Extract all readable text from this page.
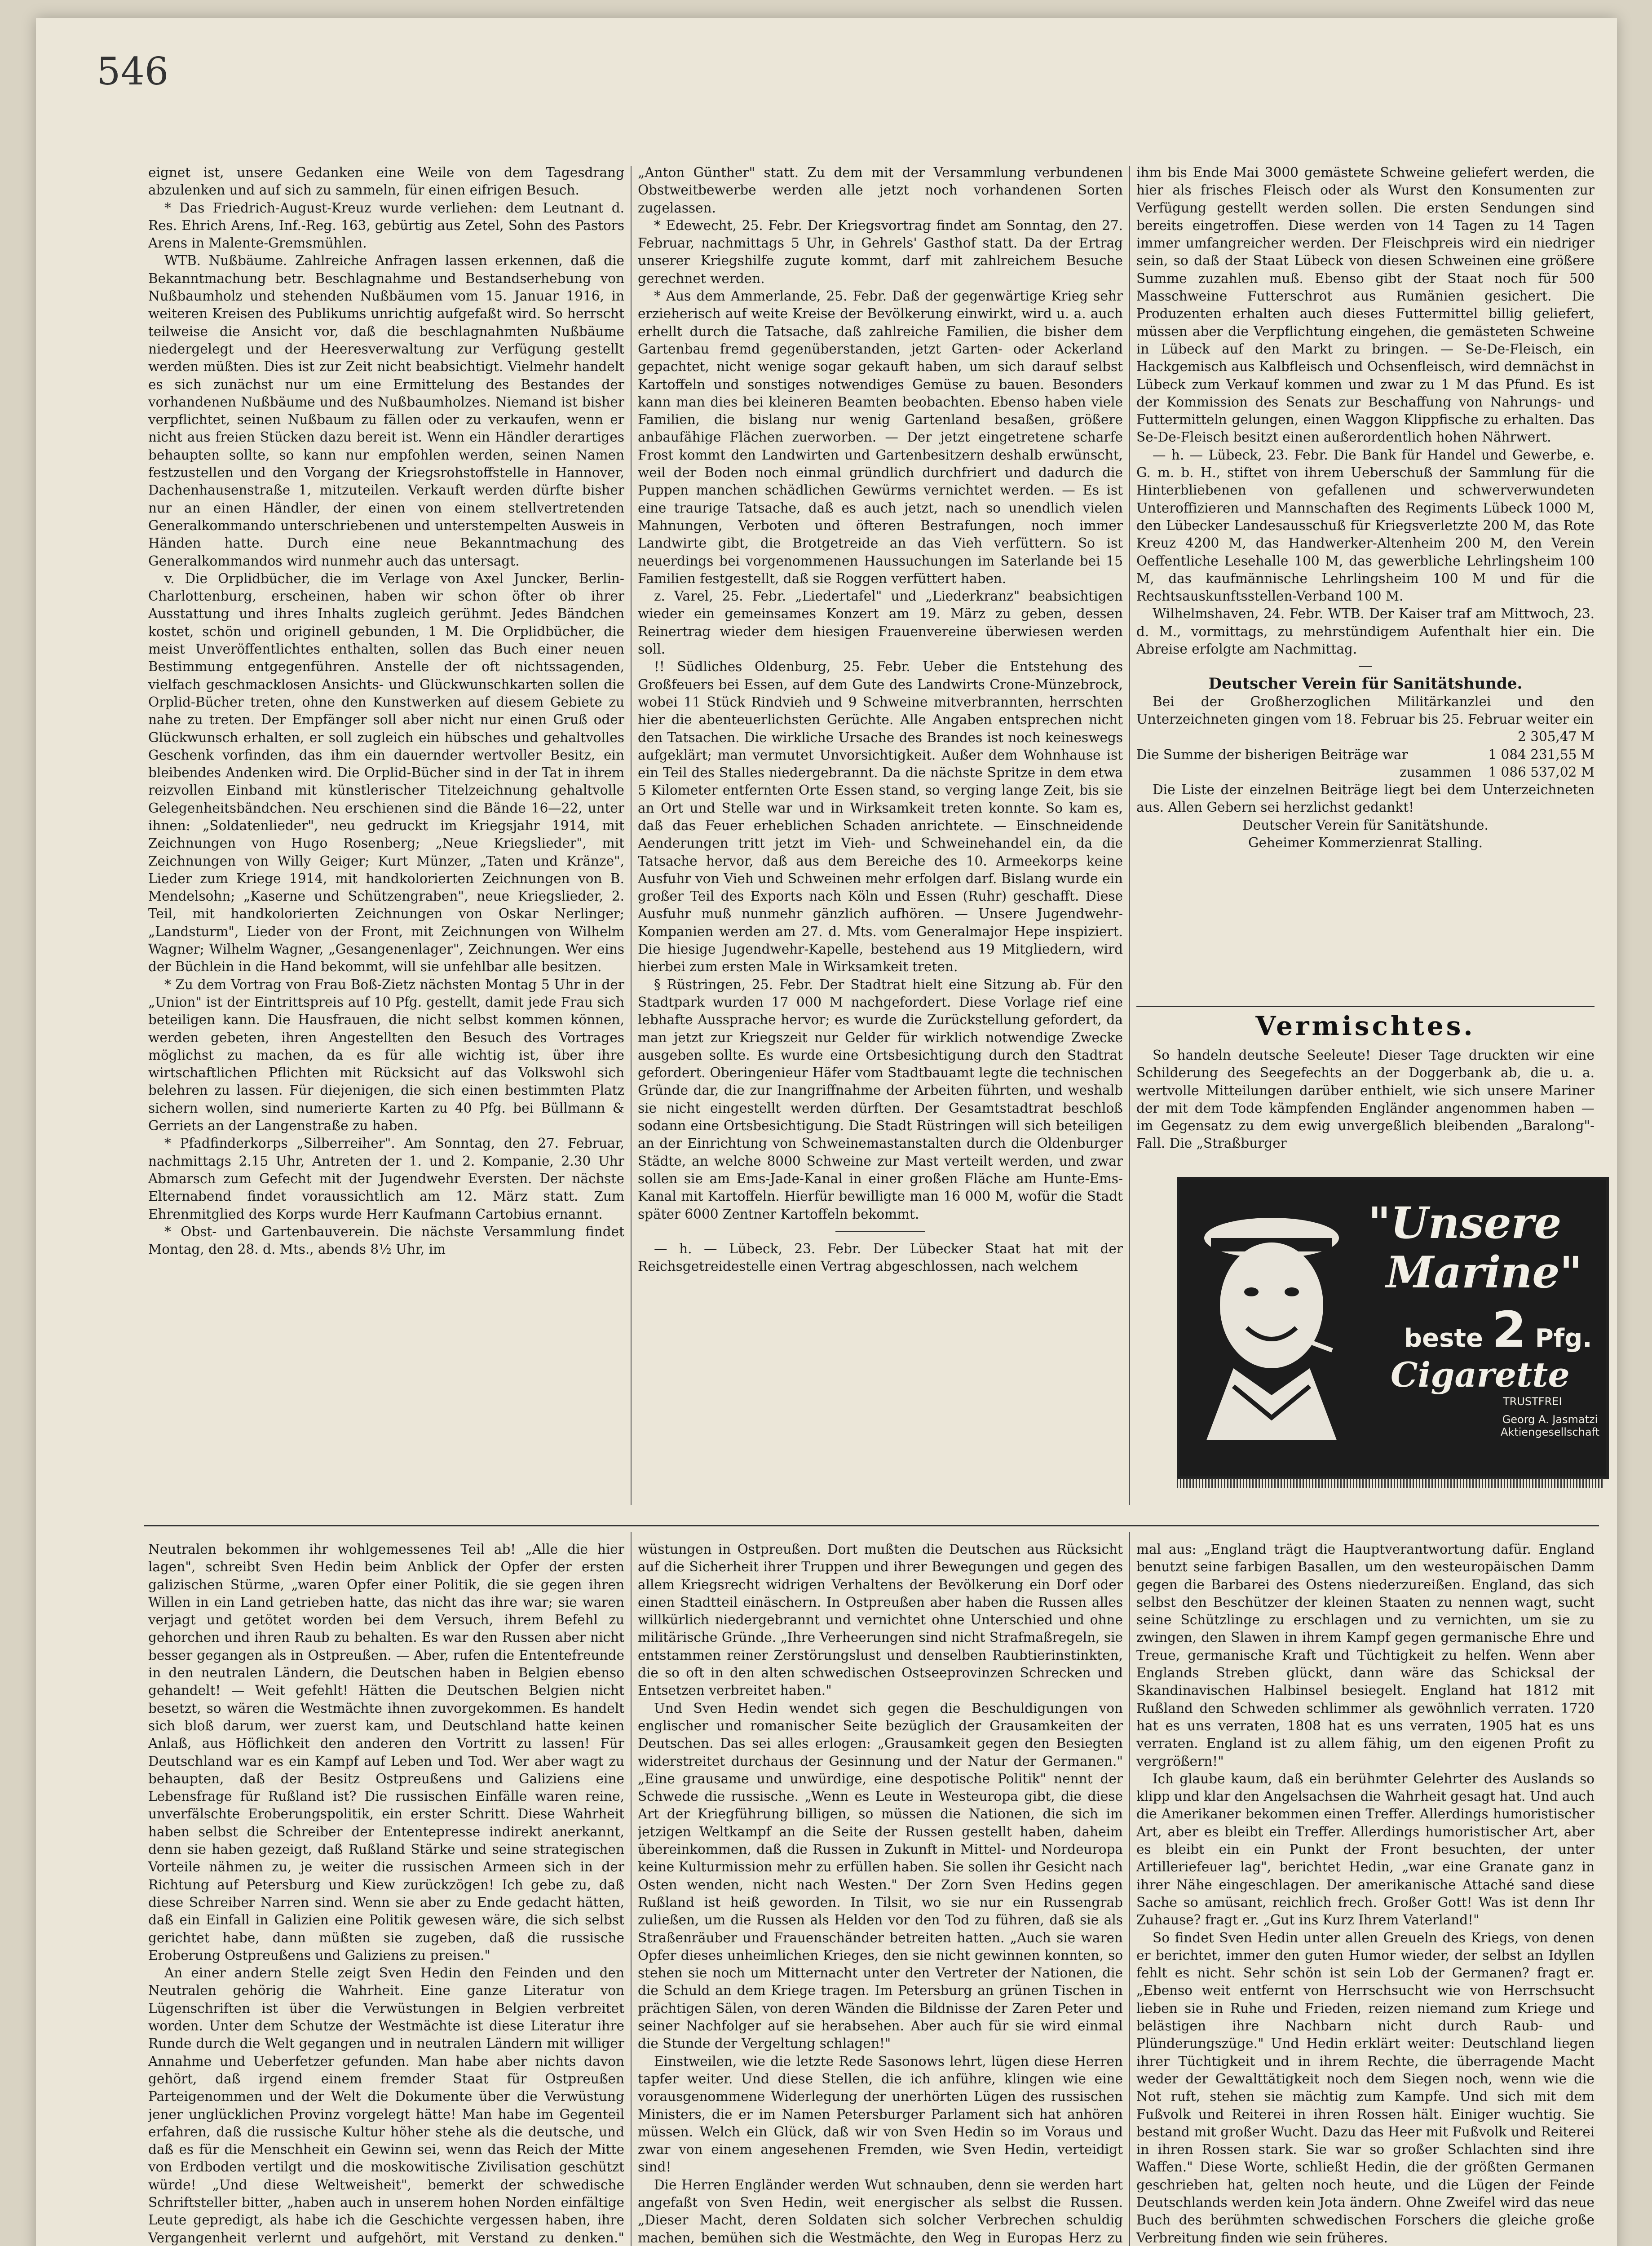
546

eignet ist, unsere Gedanken eine Weile von dem Tagesdrang abzulenken und auf sich zu sammeln, für einen eifrigen Besuch.

* Das Friedrich-August-Kreuz wurde verliehen: dem Leutnant d. Res. Ehrich Arens, Inf.-Reg. 163, gebürtig aus Zetel, Sohn des Pastors Arens in Malente-Gremsmühlen.

WTB. Nußbäume. Zahlreiche Anfragen lassen erkennen, daß die Bekanntmachung betr. Beschlagnahme und Bestandserhebung von Nußbaumholz und stehenden Nußbäumen vom 15. Januar 1916, in weiteren Kreisen des Publikums unrichtig aufgefaßt wird. So herrscht teilweise die Ansicht vor, daß die beschlagnahmten Nußbäume niedergelegt und der Heeresverwaltung zur Verfügung gestellt werden müßten. Dies ist zur Zeit nicht beabsichtigt. Vielmehr handelt es sich zunächst nur um eine Ermittelung des Bestandes der vorhandenen Nußbäume und des Nußbaumholzes. Niemand ist bisher verpflichtet, seinen Nußbaum zu fällen oder zu verkaufen, wenn er nicht aus freien Stücken dazu bereit ist. Wenn ein Händler derartiges behaupten sollte, so kann nur empfohlen werden, seinen Namen festzustellen und den Vorgang der Kriegsrohstoffstelle in Hannover, Dachenhausenstraße 1, mitzuteilen. Verkauft werden dürfte bisher nur an einen Händler, der einen von einem stellvertretenden Generalkommando unterschriebenen und unterstempelten Ausweis in Händen hatte. Durch eine neue Bekanntmachung des Generalkommandos wird nunmehr auch das untersagt.

v. Die Orplidbücher, die im Verlage von Axel Juncker, Berlin-Charlottenburg, erscheinen, haben wir schon öfter ob ihrer Ausstattung und ihres Inhalts zugleich gerühmt. Jedes Bändchen kostet, schön und originell gebunden, 1 M. Die Orplidbücher, die meist Unveröffentlichtes enthalten, sollen das Buch einer neuen Bestimmung entgegenführen. Anstelle der oft nichtssagenden, vielfach geschmacklosen Ansichts- und Glückwunschkarten sollen die Orplid-Bücher treten, ohne den Kunstwerken auf diesem Gebiete zu nahe zu treten. Der Empfänger soll aber nicht nur einen Gruß oder Glückwunsch erhalten, er soll zugleich ein hübsches und gehaltvolles Geschenk vorfinden, das ihm ein dauernder wertvoller Besitz, ein bleibendes Andenken wird. Die Orplid-Bücher sind in der Tat in ihrem reizvollen Einband mit künstlerischer Titelzeichnung gehaltvolle Gelegenheitsbändchen. Neu erschienen sind die Bände 16—22, unter ihnen: „Soldatenlieder", neu gedruckt im Kriegsjahr 1914, mit Zeichnungen von Hugo Rosenberg; „Neue Kriegslieder", mit Zeichnungen von Willy Geiger; Kurt Münzer, „Taten und Kränze", Lieder zum Kriege 1914, mit handkolorierten Zeichnungen von B. Mendelsohn; „Kaserne und Schützengraben", neue Kriegslieder, 2. Teil, mit handkolorierten Zeichnungen von Oskar Nerlinger; „Landsturm", Lieder von der Front, mit Zeichnungen von Wilhelm Wagner; Wilhelm Wagner, „Gesangenenlager", Zeichnungen. Wer eins der Büchlein in die Hand bekommt, will sie unfehlbar alle besitzen.

* Zu dem Vortrag von Frau Boß-Zietz nächsten Montag 5 Uhr in der „Union" ist der Eintrittspreis auf 10 Pfg. gestellt, damit jede Frau sich beteiligen kann. Die Hausfrauen, die nicht selbst kommen können, werden gebeten, ihren Angestellten den Besuch des Vortrages möglichst zu machen, da es für alle wichtig ist, über ihre wirtschaftlichen Pflichten mit Rücksicht auf das Volkswohl sich belehren zu lassen. Für diejenigen, die sich einen bestimmten Platz sichern wollen, sind numerierte Karten zu 40 Pfg. bei Büllmann & Gerriets an der Langenstraße zu haben.

* Pfadfinderkorps „Silberreiher". Am Sonntag, den 27. Februar, nachmittags 2.15 Uhr, Antreten der 1. und 2. Kompanie, 2.30 Uhr Abmarsch zum Gefecht mit der Jugendwehr Eversten. Der nächste Elternabend findet voraussichtlich am 12. März statt. Zum Ehrenmitglied des Korps wurde Herr Kaufmann Cartobius ernannt.

* Obst- und Gartenbauverein. Die nächste Versammlung findet Montag, den 28. d. Mts., abends 8½ Uhr, im

„Anton Günther" statt. Zu dem mit der Versammlung verbundenen Obstweitbewerbe werden alle jetzt noch vorhandenen Sorten zugelassen.

* Edewecht, 25. Febr. Der Kriegsvortrag findet am Sonntag, den 27. Februar, nachmittags 5 Uhr, in Gehrels' Gasthof statt. Da der Ertrag unserer Kriegshilfe zugute kommt, darf mit zahlreichem Besuche gerechnet werden.

* Aus dem Ammerlande, 25. Febr. Daß der gegenwärtige Krieg sehr erzieherisch auf weite Kreise der Bevölkerung einwirkt, wird u. a. auch erhellt durch die Tatsache, daß zahlreiche Familien, die bisher dem Gartenbau fremd gegenüberstanden, jetzt Garten- oder Ackerland gepachtet, nicht wenige sogar gekauft haben, um sich darauf selbst Kartoffeln und sonstiges notwendiges Gemüse zu bauen. Besonders kann man dies bei kleineren Beamten beobachten. Ebenso haben viele Familien, die bislang nur wenig Gartenland besaßen, größere anbaufähige Flächen zuerworben. — Der jetzt eingetretene scharfe Frost kommt den Landwirten und Gartenbesitzern deshalb erwünscht, weil der Boden noch einmal gründlich durchfriert und dadurch die Puppen manchen schädlichen Gewürms vernichtet werden. — Es ist eine traurige Tatsache, daß es auch jetzt, nach so unendlich vielen Mahnungen, Verboten und öfteren Bestrafungen, noch immer Landwirte gibt, die Brotgetreide an das Vieh verfüttern. So ist neuerdings bei vorgenommenen Haussuchungen im Saterlande bei 15 Familien festgestellt, daß sie Roggen verfüttert haben.

z. Varel, 25. Febr. „Liedertafel" und „Liederkranz" beabsichtigen wieder ein gemeinsames Konzert am 19. März zu geben, dessen Reinertrag wieder dem hiesigen Frauenvereine überwiesen werden soll.

!! Südliches Oldenburg, 25. Febr. Ueber die Entstehung des Großfeuers bei Essen, auf dem Gute des Landwirts Crone-Münzebrock, wobei 11 Stück Rindvieh und 9 Schweine mitverbrannten, herrschten hier die abenteuerlichsten Gerüchte. Alle Angaben entsprechen nicht den Tatsachen. Die wirkliche Ursache des Brandes ist noch keineswegs aufgeklärt; man vermutet Unvorsichtigkeit. Außer dem Wohnhause ist ein Teil des Stalles niedergebrannt. Da die nächste Spritze in dem etwa 5 Kilometer entfernten Orte Essen stand, so verging lange Zeit, bis sie an Ort und Stelle war und in Wirksamkeit treten konnte. So kam es, daß das Feuer erheblichen Schaden anrichtete. — Einschneidende Aenderungen tritt jetzt im Vieh- und Schweinehandel ein, da die Tatsache hervor, daß aus dem Bereiche des 10. Armeekorps keine Ausfuhr von Vieh und Schweinen mehr erfolgen darf. Bislang wurde ein großer Teil des Exports nach Köln und Essen (Ruhr) geschafft. Diese Ausfuhr muß nunmehr gänzlich aufhören. — Unsere Jugendwehr-Kompanien werden am 27. d. Mts. vom Generalmajor Hepe inspiziert. Die hiesige Jugendwehr-Kapelle, bestehend aus 19 Mitgliedern, wird hierbei zum ersten Male in Wirksamkeit treten.

§ Rüstringen, 25. Febr. Der Stadtrat hielt eine Sitzung ab. Für den Stadtpark wurden 17 000 M nachgefordert. Diese Vorlage rief eine lebhafte Aussprache hervor; es wurde die Zurückstellung gefordert, da man jetzt zur Kriegszeit nur Gelder für wirklich notwendige Zwecke ausgeben sollte. Es wurde eine Ortsbesichtigung durch den Stadtrat gefordert. Oberingenieur Häfer vom Stadtbauamt legte die technischen Gründe dar, die zur Inangriffnahme der Arbeiten führten, und weshalb sie nicht eingestellt werden dürften. Der Gesamtstadtrat beschloß sodann eine Ortsbesichtigung. Die Stadt Rüstringen will sich beteiligen an der Einrichtung von Schweinemastanstalten durch die Oldenburger Städte, an welche 8000 Schweine zur Mast verteilt werden, und zwar sollen sie am Ems-Jade-Kanal in einer großen Fläche am Hunte-Ems-Kanal mit Kartoffeln. Hierfür bewilligte man 16 000 M, wofür die Stadt später 6000 Zentner Kartoffeln bekommt.

— h. — Lübeck, 23. Febr. Der Lübecker Staat hat mit der Reichsgetreidestelle einen Vertrag abgeschlossen, nach welchem

ihm bis Ende Mai 3000 gemästete Schweine geliefert werden, die hier als frisches Fleisch oder als Wurst den Konsumenten zur Verfügung gestellt werden sollen. Die ersten Sendungen sind bereits eingetroffen. Diese werden von 14 Tagen zu 14 Tagen immer umfangreicher werden. Der Fleischpreis wird ein niedriger sein, so daß der Staat Lübeck von diesen Schweinen eine größere Summe zuzahlen muß. Ebenso gibt der Staat noch für 500 Masschweine Futterschrot aus Rumänien gesichert. Die Produzenten erhalten auch dieses Futtermittel billig geliefert, müssen aber die Verpflichtung eingehen, die gemästeten Schweine in Lübeck auf den Markt zu bringen. — Se-De-Fleisch, ein Hackgemisch aus Kalbfleisch und Ochsenfleisch, wird demnächst in Lübeck zum Verkauf kommen und zwar zu 1 M das Pfund. Es ist der Kommission des Senats zur Beschaffung von Nahrungs- und Futtermitteln gelungen, einen Waggon Klippfische zu erhalten. Das Se-De-Fleisch besitzt einen außerordentlich hohen Nährwert.

— h. — Lübeck, 23. Febr. Die Bank für Handel und Gewerbe, e. G. m. b. H., stiftet von ihrem Ueberschuß der Sammlung für die Hinterbliebenen von gefallenen und schwerverwundeten Unteroffizieren und Mannschaften des Regiments Lübeck 1000 M, den Lübecker Landesausschuß für Kriegsverletzte 200 M, das Rote Kreuz 4200 M, das Handwerker-Altenheim 200 M, den Verein Oeffentliche Lesehalle 100 M, das gewerbliche Lehrlingsheim 100 M, das kaufmännische Lehrlingsheim 100 M und für die Rechtsauskunftsstellen-Verband 100 M.

Wilhelmshaven, 24. Febr. WTB. Der Kaiser traf am Mittwoch, 23. d. M., vormittags, zu mehrstündigem Aufenthalt hier ein. Die Abreise erfolgte am Nachmittag.

Deutscher Verein für Sanitätshunde.

Bei der Großherzoglichen Militärkanzlei und den Unterzeichneten gingen vom 18. Februar bis 25. Februar weiter ein

2 305,47 M
Die Summe der bisherigen Beiträge war	1 084 231,55 M
zusammen 1 086 537,02 M

Die Liste der einzelnen Beiträge liegt bei dem Unterzeichneten aus. Allen Gebern sei herzlichst gedankt!

Deutscher Verein für Sanitätshunde.

Geheimer Kommerzienrat Stalling.

Vermischtes.

So handeln deutsche Seeleute! Dieser Tage druckten wir eine Schilderung des Seegefechts an der Doggerbank ab, die u. a. wertvolle Mitteilungen darüber enthielt, wie sich unsere Mariner der mit dem Tode kämpfenden Engländer angenommen haben — im Gegensatz zu dem ewig unvergeßlich bleibenden „Baralong"-Fall. Die „Straßburger

"Unsere
Marine"
beste 2 Pfg.
Cigarette
TRUSTFREI
Georg A. Jasmatzi Aktiengesellschaft

Neutralen bekommen ihr wohlgemessenes Teil ab! „Alle die hier lagen", schreibt Sven Hedin beim Anblick der Opfer der ersten galizischen Stürme, „waren Opfer einer Politik, die sie gegen ihren Willen in ein Land getrieben hatte, das nicht das ihre war; sie waren verjagt und getötet worden bei dem Versuch, ihrem Befehl zu gehorchen und ihren Raub zu behalten. Es war den Russen aber nicht besser gegangen als in Ostpreußen. — Aber, rufen die Ententefreunde in den neutralen Ländern, die Deutschen haben in Belgien ebenso gehandelt! — Weit gefehlt! Hätten die Deutschen Belgien nicht besetzt, so wären die Westmächte ihnen zuvorgekommen. Es handelt sich bloß darum, wer zuerst kam, und Deutschland hatte keinen Anlaß, aus Höflichkeit den anderen den Vortritt zu lassen! Für Deutschland war es ein Kampf auf Leben und Tod. Wer aber wagt zu behaupten, daß der Besitz Ostpreußens und Galiziens eine Lebensfrage für Rußland ist? Die russischen Einfälle waren reine, unverfälschte Eroberungspolitik, ein erster Schritt. Diese Wahrheit haben selbst die Schreiber der Ententepresse indirekt anerkannt, denn sie haben gezeigt, daß Rußland Stärke und seine strategischen Vorteile nähmen zu, je weiter die russischen Armeen sich in der Richtung auf Petersburg und Kiew zurückzögen! Ich gebe zu, daß diese Schreiber Narren sind. Wenn sie aber zu Ende gedacht hätten, daß ein Einfall in Galizien eine Politik gewesen wäre, die sich selbst gerichtet habe, dann müßten sie zugeben, daß die russische Eroberung Ostpreußens und Galiziens zu preisen."

An einer andern Stelle zeigt Sven Hedin den Feinden und den Neutralen gehörig die Wahrheit. Eine ganze Literatur von Lügenschriften ist über die Verwüstungen in Belgien verbreitet worden. Unter dem Schutze der Westmächte ist diese Literatur ihre Runde durch die Welt gegangen und in neutralen Ländern mit williger Annahme und Ueberfetzer gefunden. Man habe aber nichts davon gehört, daß irgend einem fremder Staat für Ostpreußen Parteigenommen und der Welt die Dokumente über die Verwüstung jener unglücklichen Provinz vorgelegt hätte! Man habe im Gegenteil erfahren, daß die russische Kultur höher stehe als die deutsche, und daß es für die Menschheit ein Gewinn sei, wenn das Reich der Mitte von Erdboden vertilgt und die moskowitische Zivilisation geschützt würde! „Und diese Weltweisheit", bemerkt der schwedische Schriftsteller bitter, „haben auch in unserem hohen Norden einfältige Leute gepredigt, als habe ich die Geschichte vergessen haben, ihre Vergangenheit verlernt und aufgehört, mit Verstand zu denken."

wüstungen in Ostpreußen. Dort mußten die Deutschen aus Rücksicht auf die Sicherheit ihrer Truppen und ihrer Bewegungen und gegen des allem Kriegsrecht widrigen Verhaltens der Bevölkerung ein Dorf oder einen Stadtteil einäschern. In Ostpreußen aber haben die Russen alles willkürlich niedergebrannt und vernichtet ohne Unterschied und ohne militärische Gründe. „Ihre Verheerungen sind nicht Strafmaßregeln, sie entstammen reiner Zerstörungslust und denselben Raubtierinstinkten, die so oft in den alten schwedischen Ostseeprovinzen Schrecken und Entsetzen verbreitet haben."

Und Sven Hedin wendet sich gegen die Beschuldigungen von englischer und romanischer Seite bezüglich der Grausamkeiten der Deutschen. Das sei alles erlogen: „Grausamkeit gegen den Besiegten widerstreitet durchaus der Gesinnung und der Natur der Germanen." „Eine grausame und unwürdige, eine despotische Politik" nennt der Schwede die russische. „Wenn es Leute in Westeuropa gibt, die diese Art der Kriegführung billigen, so müssen die Nationen, die sich im jetzigen Weltkampf an die Seite der Russen gestellt haben, daheim übereinkommen, daß die Russen in Zukunft in Mittel- und Nordeuropa keine Kulturmission mehr zu erfüllen haben. Sie sollen ihr Gesicht nach Osten wenden, nicht nach Westen." Der Zorn Sven Hedins gegen Rußland ist heiß geworden. In Tilsit, wo sie nur ein Russengrab zuließen, um die Russen als Helden vor den Tod zu führen, daß sie als Straßenräuber und Frauenschänder betreiten hatten. „Auch sie waren Opfer dieses unheimlichen Krieges, den sie nicht gewinnen konnten, so stehen sie noch um Mitternacht unter den Vertreter der Nationen, die die Schuld an dem Kriege tragen. Im Petersburg an grünen Tischen in prächtigen Sälen, von deren Wänden die Bildnisse der Zaren Peter und seiner Nachfolger auf sie herabsehen. Aber auch für sie wird einmal die Stunde der Vergeltung schlagen!"

Einstweilen, wie die letzte Rede Sasonows lehrt, lügen diese Herren tapfer weiter. Und diese Stellen, die ich anführe, klingen wie eine vorausgenommene Widerlegung der unerhörten Lügen des russischen Ministers, die er im Namen Petersburger Parlament sich hat anhören müssen. Welch ein Glück, daß wir von Sven Hedin so im Voraus und zwar von einem angesehenen Fremden, wie Sven Hedin, verteidigt sind!

Die Herren Engländer werden Wut schnauben, denn sie werden hart angefaßt von Sven Hedin, weit energischer als selbst die Russen. „Dieser Macht, deren Soldaten sich solcher Verbrechen schuldig machen, bemühen sich die Westmächte, den Weg in Europas Herz zu

mal aus: „England trägt die Hauptverantwortung dafür. England benutzt seine farbigen Basallen, um den westeuropäischen Damm gegen die Barbarei des Ostens niederzureißen. England, das sich selbst den Beschützer der kleinen Staaten zu nennen wagt, sucht seine Schützlinge zu erschlagen und zu vernichten, um sie zu zwingen, den Slawen in ihrem Kampf gegen germanische Ehre und Treue, germanische Kraft und Tüchtigkeit zu helfen. Wenn aber Englands Streben glückt, dann wäre das Schicksal der Skandinavischen Halbinsel besiegelt. England hat 1812 mit Rußland den Schweden schlimmer als gewöhnlich verraten. 1720 hat es uns verraten, 1808 hat es uns verraten, 1905 hat es uns verraten. England ist zu allem fähig, um den eigenen Profit zu vergrößern!"

Ich glaube kaum, daß ein berühmter Gelehrter des Auslands so klipp und klar den Angelsachsen die Wahrheit gesagt hat. Und auch die Amerikaner bekommen einen Treffer. Allerdings humoristischer Art, aber es bleibt ein Treffer. Allerdings humoristischer Art, aber es bleibt ein ein Punkt der Front besuchten, der unter Artilleriefeuer lag", berichtet Hedin, „war eine Granate ganz in ihrer Nähe eingeschlagen. Der amerikanische Attaché sand diese Sache so amüsant, reichlich frech. Großer Gott! Was ist denn Ihr Zuhause? fragt er. „Gut ins Kurz Ihrem Vaterland!"

So findet Sven Hedin unter allen Greueln des Kriegs, von denen er berichtet, immer den guten Humor wieder, der selbst an Idyllen fehlt es nicht. Sehr schön ist sein Lob der Germanen? fragt er. „Ebenso weit entfernt von Herrschsucht wie von Herrschsucht lieben sie in Ruhe und Frieden, reizen niemand zum Kriege und belästigen ihre Nachbarn nicht durch Raub- und Plünderungszüge." Und Hedin erklärt weiter: Deutschland liegen ihrer Tüchtigkeit und in ihrem Rechte, die überragende Macht weder der Gewalttätigkeit noch dem Siegen noch, wenn wie die Not ruft, stehen sie mächtig zum Kampfe. Und sich mit dem Fußvolk und Reiterei in ihren Rossen hält. Einiger wuchtig. Sie bestand mit großer Wucht. Dazu das Heer mit Fußvolk und Reiterei in ihren Rossen stark. Sie war so großer Schlachten sind ihre Waffen." Diese Worte, schließt Hedin, die der größten Germanen geschrieben hat, gelten noch heute, und die Lügen der Feinde Deutschlands werden kein Jota ändern. Ohne Zweifel wird das neue Buch des berühmten schwedischen Forschers die gleiche große Verbreitung finden wie sein früheres.
